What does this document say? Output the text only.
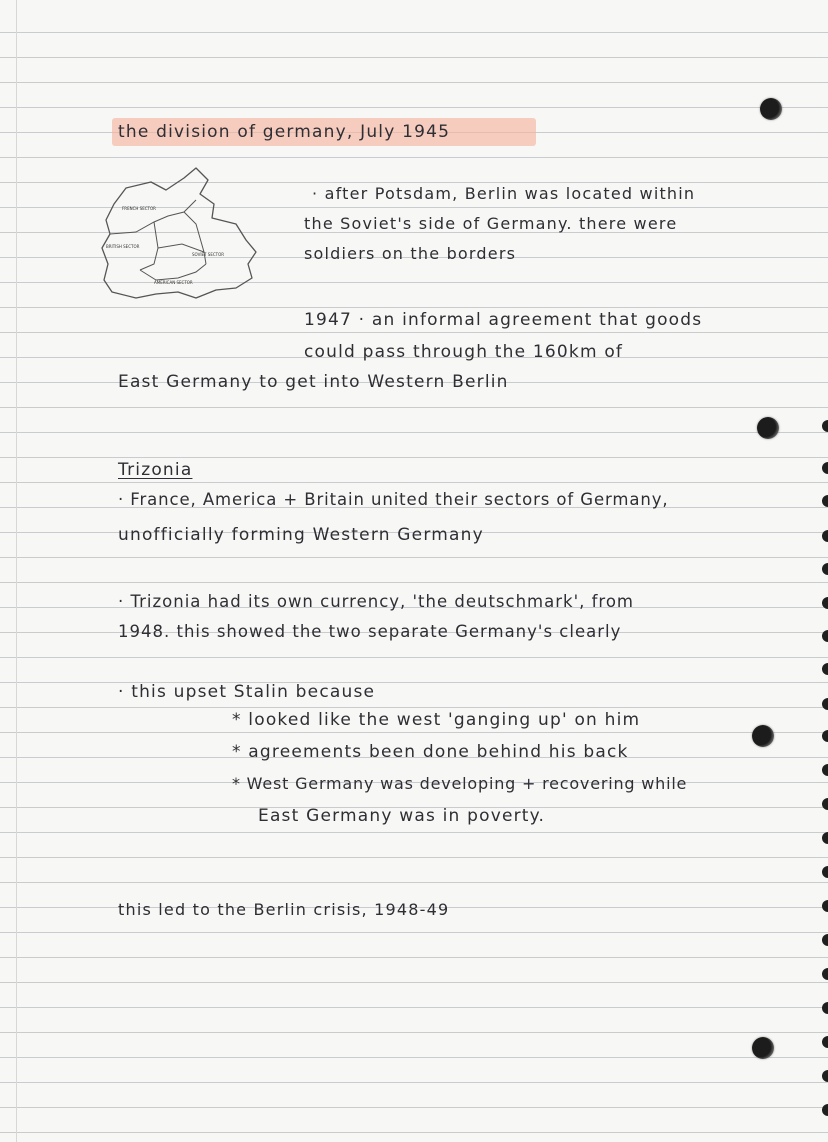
the division of germany, July 1945
FRENCH SECTOR
BRITISH SECTOR
SOVIET SECTOR
AMERICAN SECTOR
· after Potsdam, Berlin was located within
the Soviet's side of Germany. there were
soldiers on the borders
1947 · an informal agreement that goods
could pass through the 160km of
East Germany to get into Western Berlin
Trizonia
· France, America + Britain united their sectors of Germany,
unofficially forming Western Germany
· Trizonia had its own currency, 'the deutschmark', from
1948. this showed the two separate Germany's clearly
· this upset Stalin because
* looked like the west 'ganging up' on him
* agreements been done behind his back
* West Germany was developing + recovering while
East Germany was in poverty.
this led to the Berlin crisis, 1948-49
